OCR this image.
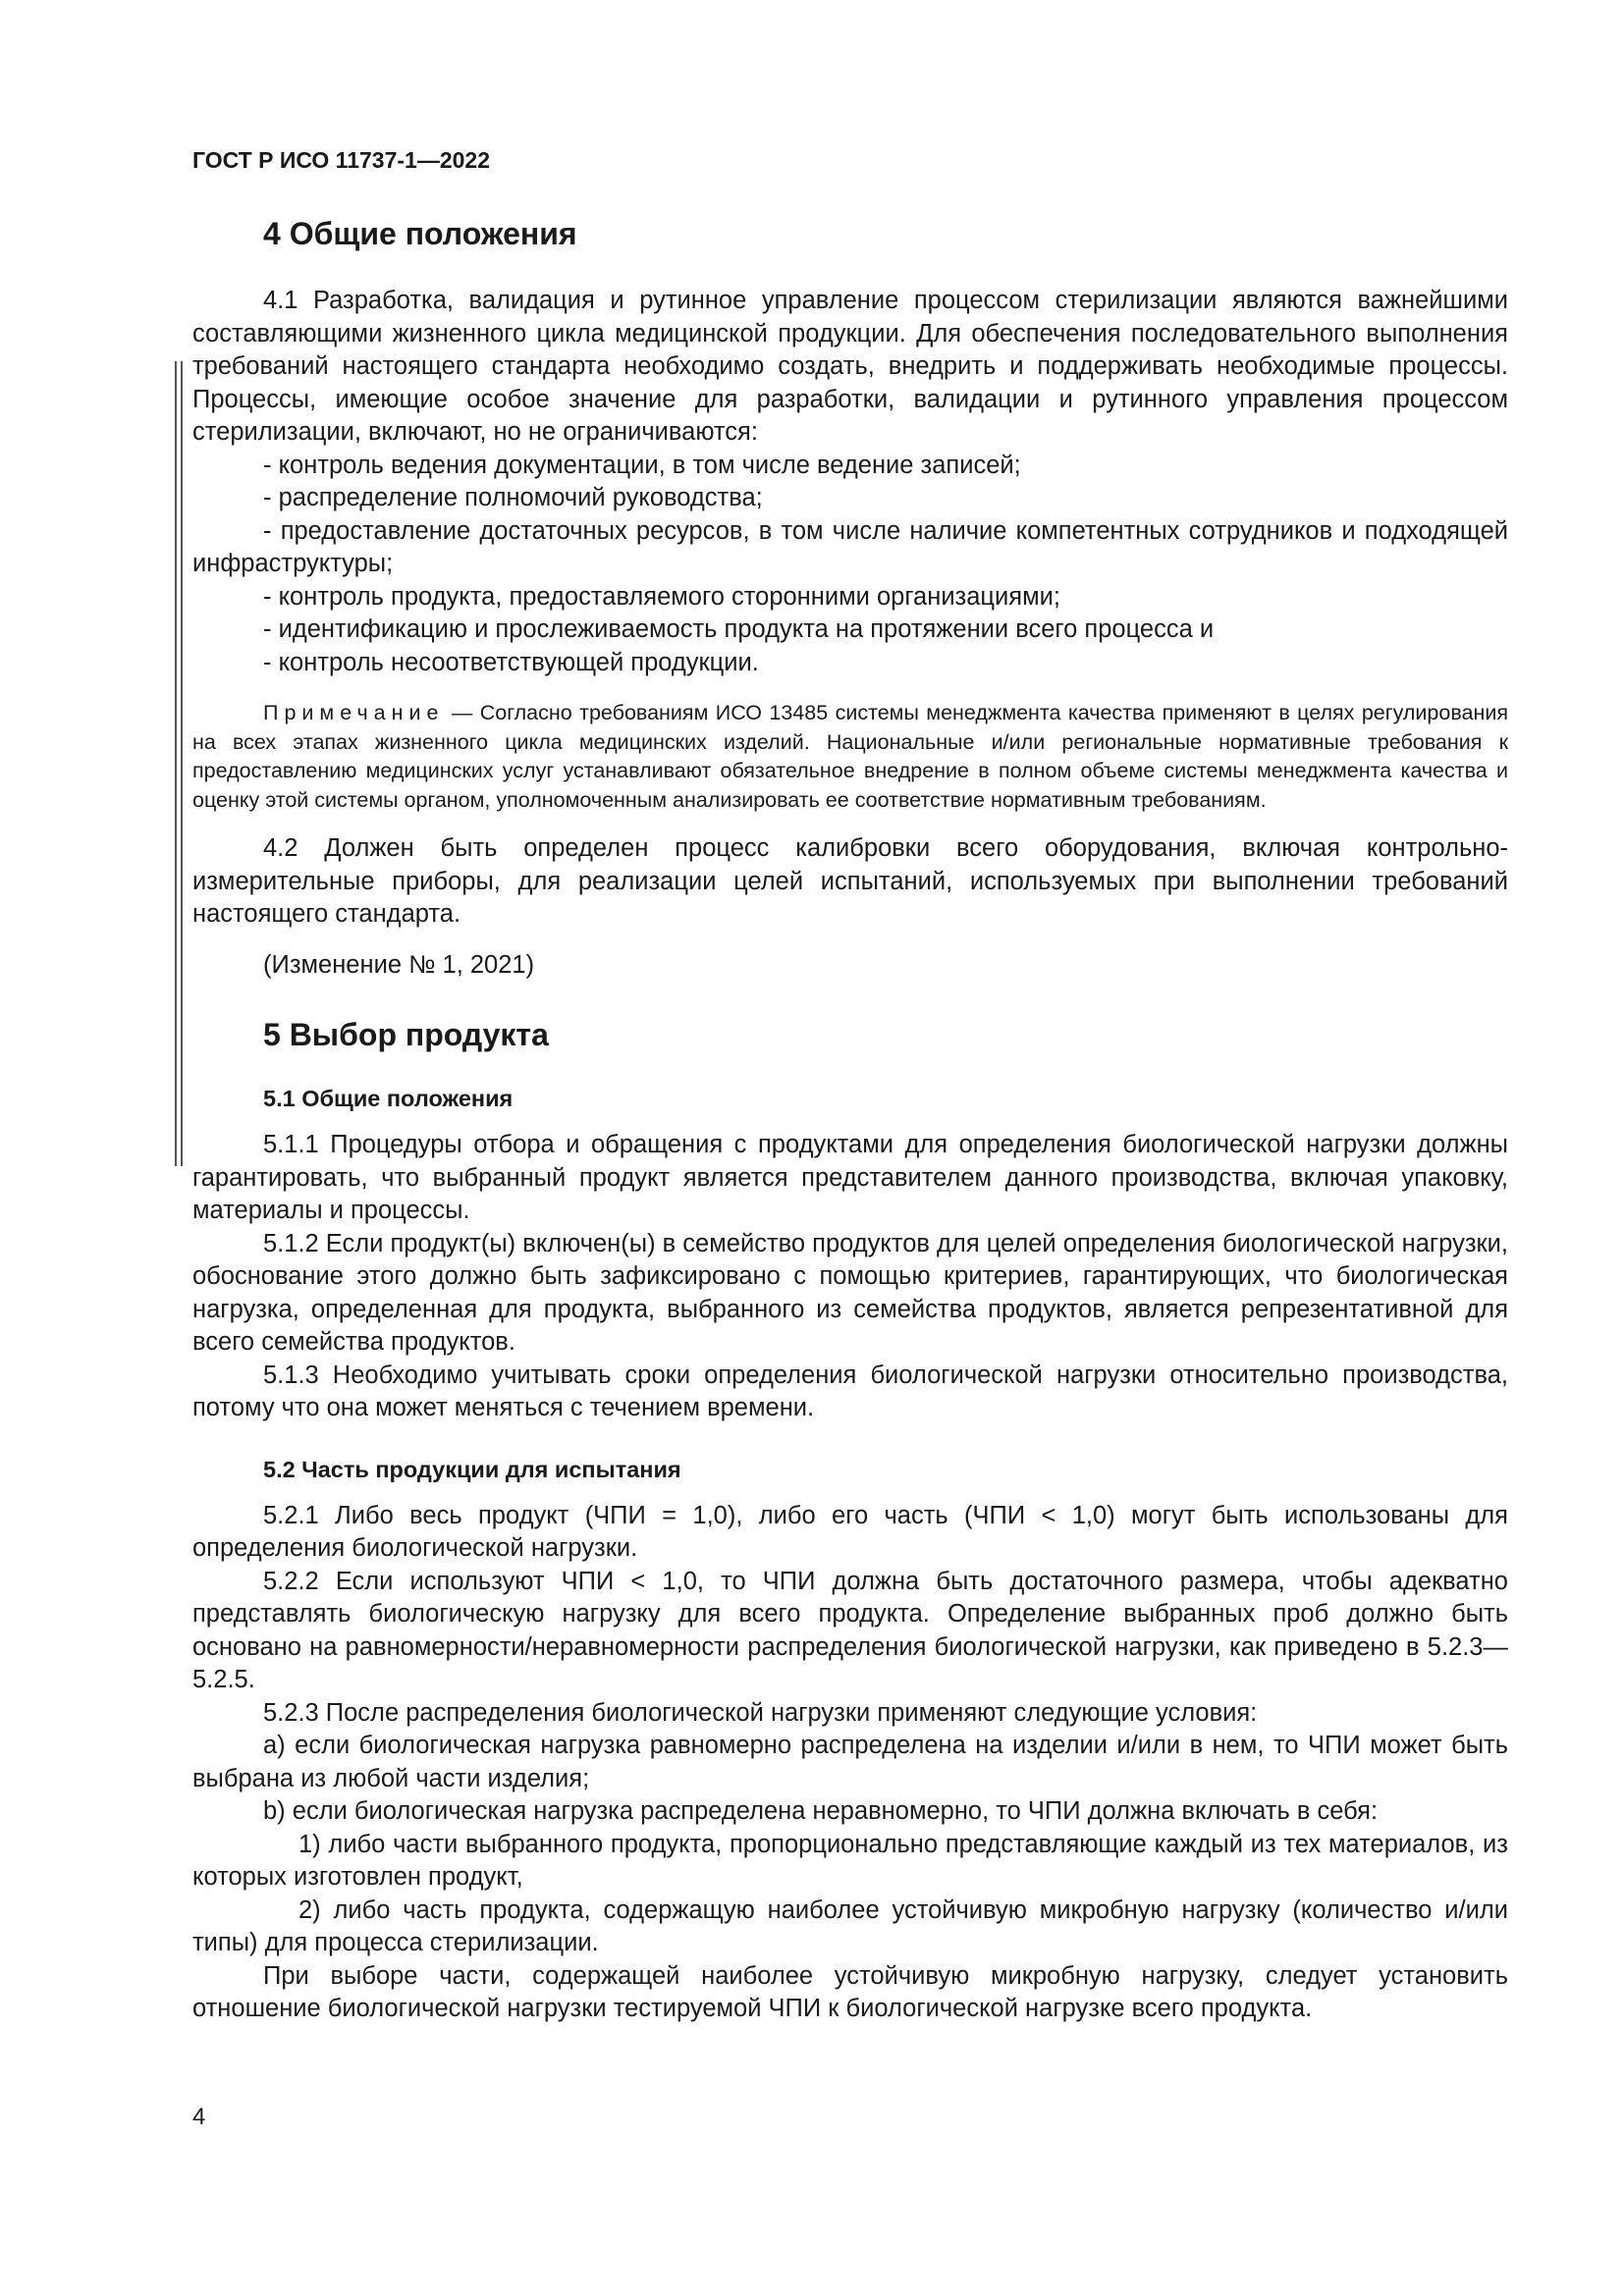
ГОСТ Р ИСО 11737-1—2022

4 Общие положения

4.1 Разработка, валидация и рутинное управление процессом стерилизации являются важнейшими составляющими жизненного цикла медицинской продукции. Для обеспечения последовательного выполнения требований настоящего стандарта необходимо создать, внедрить и поддерживать необходимые процессы. Процессы, имеющие особое значение для разработки, валидации и рутинного управления процессом стерилизации, включают, но не ограничиваются:

- контроль ведения документации, в том числе ведение записей;

- распределение полномочий руководства;

- предоставление достаточных ресурсов, в том числе наличие компетентных сотрудников и подходящей инфраструктуры;

- контроль продукта, предоставляемого сторонними организациями;

- идентификацию и прослеживаемость продукта на протяжении всего процесса и

- контроль несоответствующей продукции.

Примечание — Согласно требованиям ИСО 13485 системы менеджмента качества применяют в целях регулирования на всех этапах жизненного цикла медицинских изделий. Национальные и/или региональные нормативные требования к предоставлению медицинских услуг устанавливают обязательное внедрение в полном объеме системы менеджмента качества и оценку этой системы органом, уполномоченным анализировать ее соответствие нормативным требованиям.

4.2 Должен быть определен процесс калибровки всего оборудования, включая контрольно-измерительные приборы, для реализации целей испытаний, используемых при выполнении требований настоящего стандарта.

(Изменение № 1, 2021)

5 Выбор продукта

5.1 Общие положения

5.1.1 Процедуры отбора и обращения с продуктами для определения биологической нагрузки должны гарантировать, что выбранный продукт является представителем данного производства, включая упаковку, материалы и процессы.

5.1.2 Если продукт(ы) включен(ы) в семейство продуктов для целей определения биологической нагрузки, обоснование этого должно быть зафиксировано с помощью критериев, гарантирующих, что биологическая нагрузка, определенная для продукта, выбранного из семейства продуктов, является репрезентативной для всего семейства продуктов.

5.1.3 Необходимо учитывать сроки определения биологической нагрузки относительно производства, потому что она может меняться с течением времени.

5.2 Часть продукции для испытания

5.2.1 Либо весь продукт (ЧПИ = 1,0), либо его часть (ЧПИ < 1,0) могут быть использованы для определения биологической нагрузки.

5.2.2 Если используют ЧПИ < 1,0, то ЧПИ должна быть достаточного размера, чтобы адекватно представлять биологическую нагрузку для всего продукта. Определение выбранных проб должно быть основано на равномерности/неравномерности распределения биологической нагрузки, как приведено в 5.2.3—5.2.5.

5.2.3 После распределения биологической нагрузки применяют следующие условия:

a) если биологическая нагрузка равномерно распределена на изделии и/или в нем, то ЧПИ может быть выбрана из любой части изделия;

b) если биологическая нагрузка распределена неравномерно, то ЧПИ должна включать в себя:

1) либо части выбранного продукта, пропорционально представляющие каждый из тех материалов, из которых изготовлен продукт,

2) либо часть продукта, содержащую наиболее устойчивую микробную нагрузку (количество и/или типы) для процесса стерилизации.

При выборе части, содержащей наиболее устойчивую микробную нагрузку, следует установить отношение биологической нагрузки тестируемой ЧПИ к биологической нагрузке всего продукта.

4
